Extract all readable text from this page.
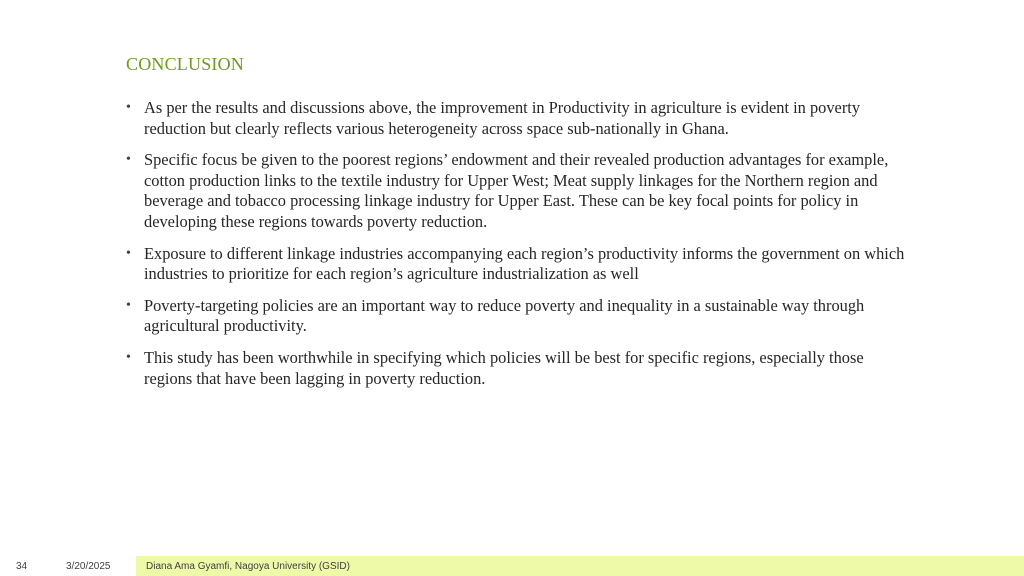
CONCLUSION
• As per the results and discussions above, the improvement in Productivity in agriculture is evident in poverty reduction but clearly reflects various heterogeneity across space sub-nationally in Ghana.
• Specific focus be given to the poorest regions’ endowment and their revealed production advantages for example, cotton production links to the textile industry for Upper West; Meat supply linkages for the Northern region and beverage and tobacco processing linkage industry for Upper East. These can be key focal points for policy in developing these regions towards poverty reduction.
• Exposure to different linkage industries accompanying each region’s productivity informs the government on which industries to prioritize for each region’s agriculture industrialization as well
• Poverty-targeting policies are an important way to reduce poverty and inequality in a sustainable way through agricultural productivity.
• This study has been worthwhile in specifying which policies will be best for specific regions, especially those regions that have been lagging in poverty reduction.
34	3/20/2025	Diana Ama Gyamfi, Nagoya University (GSID)
